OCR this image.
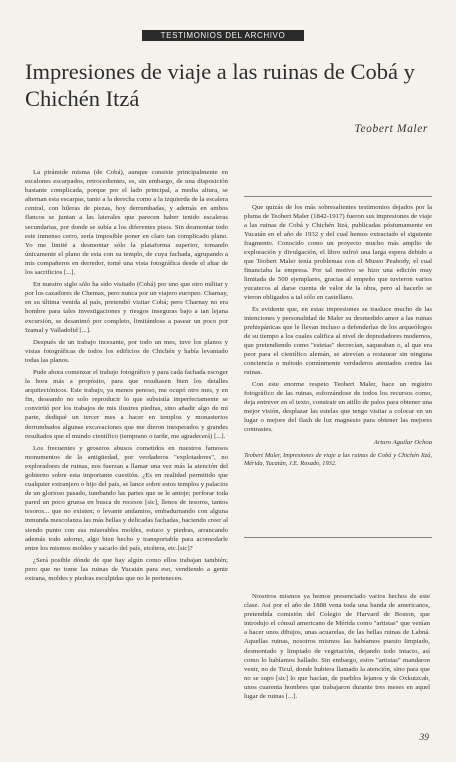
TESTIMONIOS DEL ARCHIVO
Impresiones de viaje a las ruinas de Cobá y Chichén Itzá
Teobert Maler

La pirámide misma (de Cobá), aunque consiste principalmente en escalones escarpados, retrocedientes, es, sin embargo, de una disposición bastante complicada, porque por el lado principal, a media altura, se alternan esta escarpas, tanto a la derecha como a la izquierda de la escalera central, con hileras de piezas, hoy derrumbadas, y además en ambos flancos se juntan a las laterales que parecen haber tenido escaleras secundarias, por donde se subía a los diferentes pisos. Sin desmontar todo este inmenso cerro, sería imposible poner en claro tan complicado plano. Yo me limité a desmontar sólo la plataforma superior, tomando únicamente el plano de esta con su templo, de cuya fachada, agrupando a mis compañeros en derredor, tomé una vista fotográfica desde el altar de los sacrificios [...].

En nuestro siglo sólo ha sido visitado (Cobá) por uno que otro militar y por los cazadores de Chemax, pero nunca por un viajero europeo. Charnay, en su última venida al país, pretendió visitar Cobá; pero Charnay no era hombre para tales investigaciones y riesgos inseguras bajo a tan lejana excursión, se desanimó por completo, limitándose a pasear un poco por Izamal y Valladolid [...].

Después de un trabajo incesante, por todo un mes, tuve los planos y vistas fotográficas de todos los edificios de Chichén y había levantado todas las planos.

Pude ahora comenzar el trabajo fotográfico y para cada fachada escoger la hora más a propósito, para que resultasen bien los detalles arquitectónicos. Este trabajo, ya menos penoso, me ocupó otro mes, y en fin, deseando no solo reproducir lo que subsistía imperfectamente se convirtió por los trabajos de mis ilustres piedras, sino añadir algo de mi parte, dediqué un tercer mes a hacer en templos y monasterios derrumbados algunas excavaciones que me dieron inesperados y grandes resultados que el mundo científico (temprano o tarde, me agradecerá) [...].

Los frecuentes y groseros abusos cometidos en nuestros famosos monumentos de la antigüedad, por verdaderos "explotadores", no exploradores de ruinas, nos fuerzan a llamar una vez más la atención del gobierno sobre esta importante cuestión. ¿Es en realidad permitido que cualquier extranjero o hijo del país, se lance sobre estos templos y palacios de un glorioso pasado, tumbando las partes que se le antoje; perforar toda pared un poco gruesa en busca de recesos [sic], llenos de tesoros, tantos tesoros... que no existen; o levante andamios, embadurnando con alguna inmunda mescolanza las más bellas y delicadas fachadas, haciendo creer al siendo punto con sus miserables moldes, estuco y piedras, arrancando además todo adorno, algo bien hecho y transportable para acomodarle entre los mismos moldes y sacarlo del país, etcétera, etc.[sic]?

¿Será posible dónde de que hay algún como ellos trabajan también; pero que no tome las ruinas de Yucatán para eso, vendiendo a gente extrana, moldes y piedras esculpidas que no le pertenecen.

Que quizás de los más sobresalientes testimonios dejados por la pluma de Teobert Maler (1842-1917) fueron sus impresiones de viaje a las ruinas de Cobá y Chichén Itzá, publicadas póstumamente en Yucatán en el año de 1932 y del cual hemos extractado el siguiente fragmento. Conocido como un proyecto mucho más amplio de exploración y divulgación, el libro sufrió una larga espera debido a que Teobert Maler tenía problemas con el Museo Peabody, el cual financiaba la empresa. Por tal motivo se hizo una edición muy limitada de 500 ejemplares, gracias al empeño que tuvieron varios yucatecos al darse cuenta de valor de la obra, pero al hacerlo se vieron obligados a tal sólo en castellano.

Es evidente que, en estas impresiones se trasluce mucho de las intenciones y personalidad de Maler su desmedido amor a las ruinas prehispánicas que le llevan incluso a defenderlas de los arqueólogos de su tiempo a los cuales califica al nivel de depredadores modernos, que pretendiendo como "estetas" decrecían, saqueaban o, al que era peor para el científico alemán, se atrevían a restaurar sin ninguna conciencia o método comúnmente verdaderos atentados contra las ruinas.

Con este enorme respeto Teobert Maler, hace un registro fotográfico de las ruinas, esforzándose de todos los recursos como, deja entrever en el texto, constrair un atillo de palos para obtener una mejor visión, desplazar las estelas que tengo visitar a colocar en un lugar o mejore del flash de luz magnesio para obtener las mejores contrastes.

Arturo Aguilar Ochoa
Teobert Maler, Impresiones de viaje a las ruinas de Cobá y Chichén Itzá, Mérida, Yucatán, J.E. Rosado, 1932.

Nosotros mismos ya hemos presenciado varios hechos de este clase. Así por el año de 1888 vena toda una banda de americanos, pretendida comisión del Colegio de Harvard de Boston, que introdujo el cónsul americano de Mérida como "artistas" que venían a hacer unos dibujos, unas acuarelas, de las bellas ruinas de Labná. Aquellas ruinas, nosotros mismos las habíamos puesto limpiado, desmontado y limpiado de vegetación, dejando todo intacto, así como lo habíamos hallado. Sin embargo, estos "artistas" mandaron venir, no de Ticul, donde hubiera llamado la atención, sino para que no se supo [sic] lo que hacían, de pueblos lejanos y de Oxkutzcab, unos cuarenta hombres que trabajaron durante tres meses en aquel lugar de ruinas [...].

39
